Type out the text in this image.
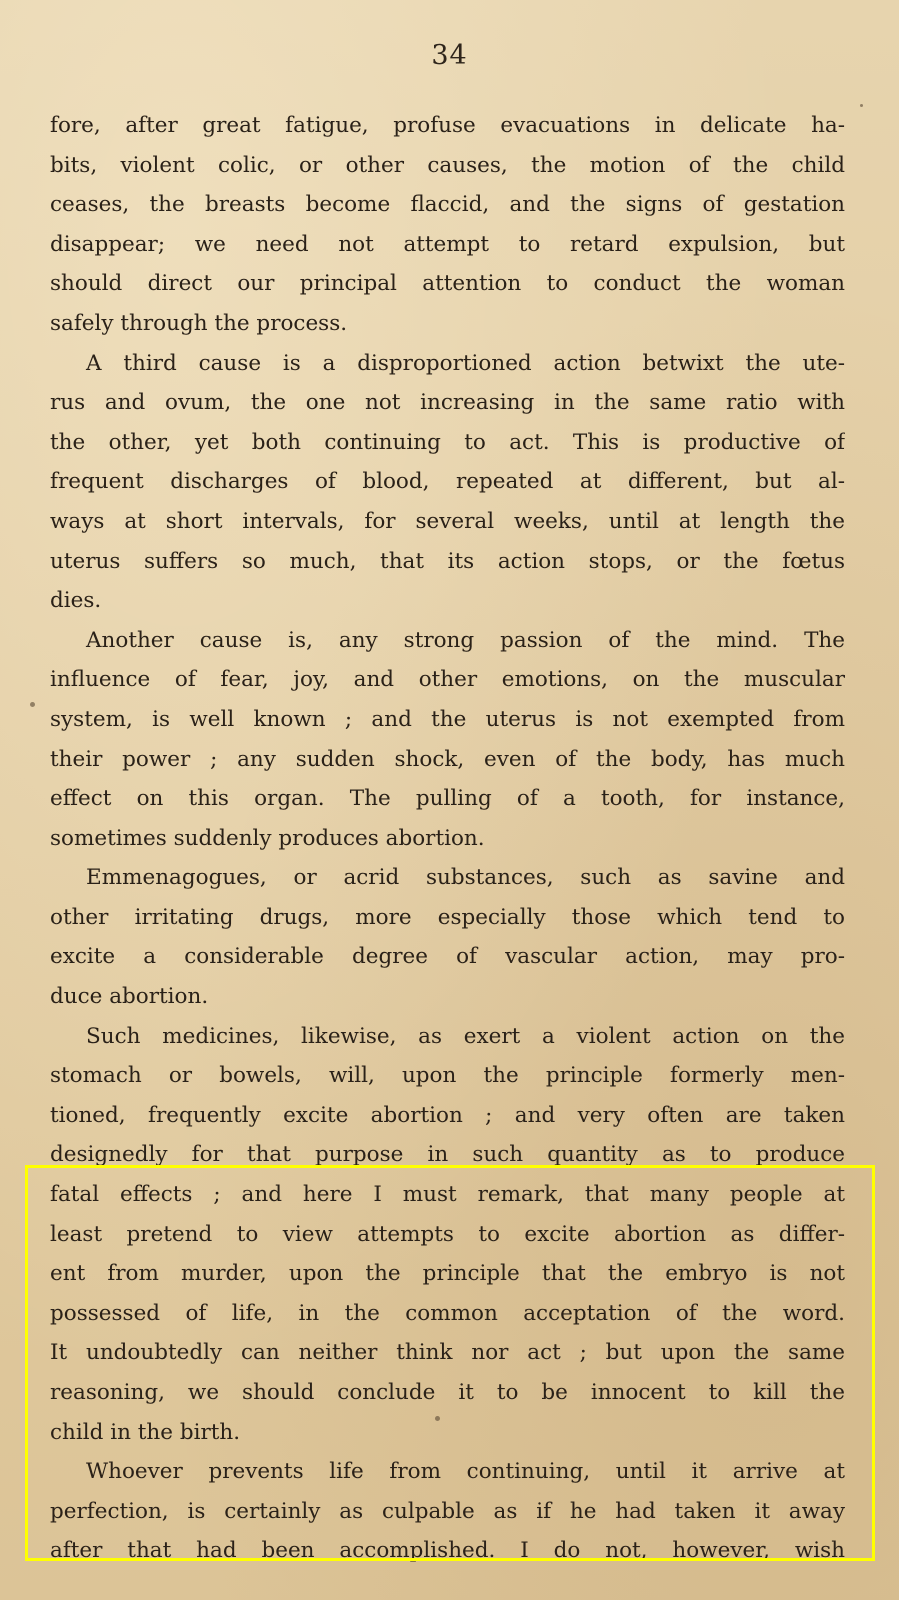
34
fore, after great fatigue, profuse evacuations in delicate ha-
bits, violent colic, or other causes, the motion of the child
ceases, the breasts become flaccid, and the signs of gestation
disappear; we need not attempt to retard expulsion, but
should direct our principal attention to conduct the woman
safely through the process.
A third cause is a disproportioned action betwixt the ute-
rus and ovum, the one not increasing in the same ratio with
the other, yet both continuing to act. This is productive of
frequent discharges of blood, repeated at different, but al-
ways at short intervals, for several weeks, until at length the
uterus suffers so much, that its action stops, or the fœtus
dies.
Another cause is, any strong passion of the mind. The
influence of fear, joy, and other emotions, on the muscular
system, is well known ; and the uterus is not exempted from
their power ; any sudden shock, even of the body, has much
effect on this organ. The pulling of a tooth, for instance,
sometimes suddenly produces abortion.
Emmenagogues, or acrid substances, such as savine and
other irritating drugs, more especially those which tend to
excite a considerable degree of vascular action, may pro-
duce abortion.
Such medicines, likewise, as exert a violent action on the
stomach or bowels, will, upon the principle formerly men-
tioned, frequently excite abortion ; and very often are taken
designedly for that purpose in such quantity as to produce
fatal effects ; and here I must remark, that many people at
least pretend to view attempts to excite abortion as differ-
ent from murder, upon the principle that the embryo is not
possessed of life, in the common acceptation of the word.
It undoubtedly can neither think nor act ; but upon the same
reasoning, we should conclude it to be innocent to kill the
child in the birth.
Whoever prevents life from continuing, until it arrive at
perfection, is certainly as culpable as if he had taken it away
after that had been accomplished. I do not, however, wish
